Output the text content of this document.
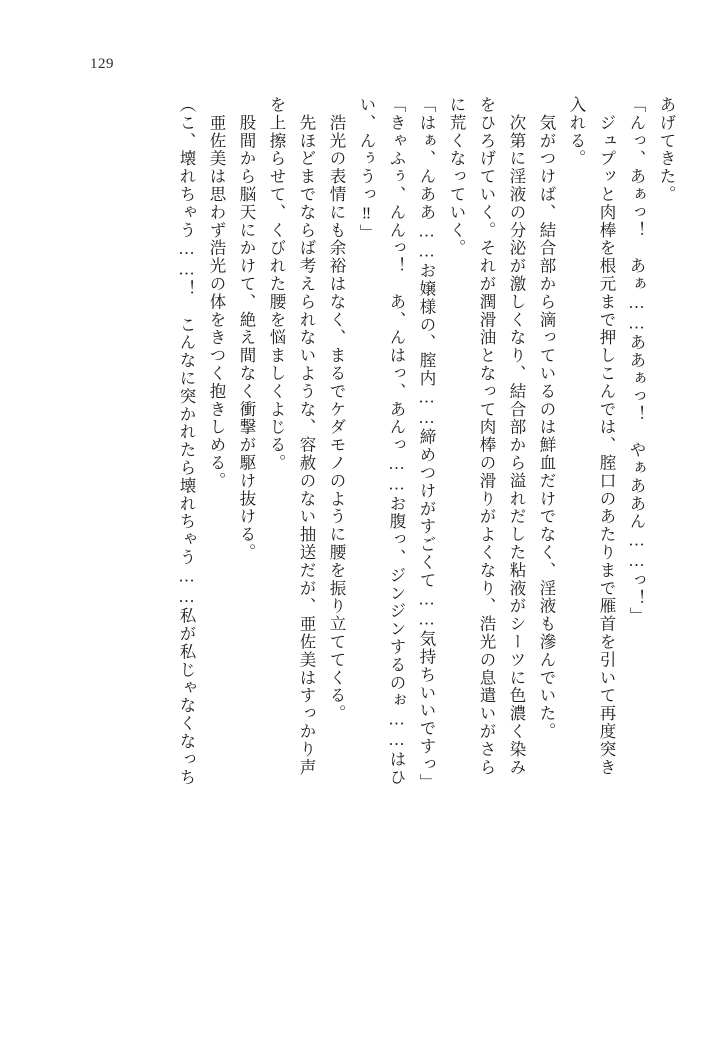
129
あげてきた。
「んっ、あぁっ！　あぁ……ああぁっ！　やぁああん……っ！」
　ジュプッと肉棒を根元まで押しこんでは、腟口のあたりまで雁首を引いて再度突き
入れる。
　気がつけば、結合部から滴っているのは鮮血だけでなく、淫液も滲んでいた。
　次第に淫液の分泌が激しくなり、結合部から溢れだした粘液がシーツに色濃く染み
をひろげていく。それが潤滑油となって肉棒の滑りがよくなり、浩光の息遣いがさら
に荒くなっていく。
「はぁ、んああ……お嬢様の、腟内……締めつけがすごくて……気持ちいいですっ」
「きゃふぅ、んんっ！　あ、んはっ、あんっ……お腹っ、ジンジンするのぉ……はひ
い、んぅうっ‼」
　浩光の表情にも余裕はなく、まるでケダモノのように腰を振り立ててくる。
　先ほどまでならば考えられないような、容赦のない抽送だが、亜佐美はすっかり声
を上擦らせて、くびれた腰を悩ましくよじる。
　股間から脳天にかけて、絶え間なく衝撃が駆け抜ける。
　亜佐美は思わず浩光の体をきつく抱きしめる。
（こ、壊れちゃう……！　こんなに突かれたら壊れちゃう……私が私じゃなくなっち
